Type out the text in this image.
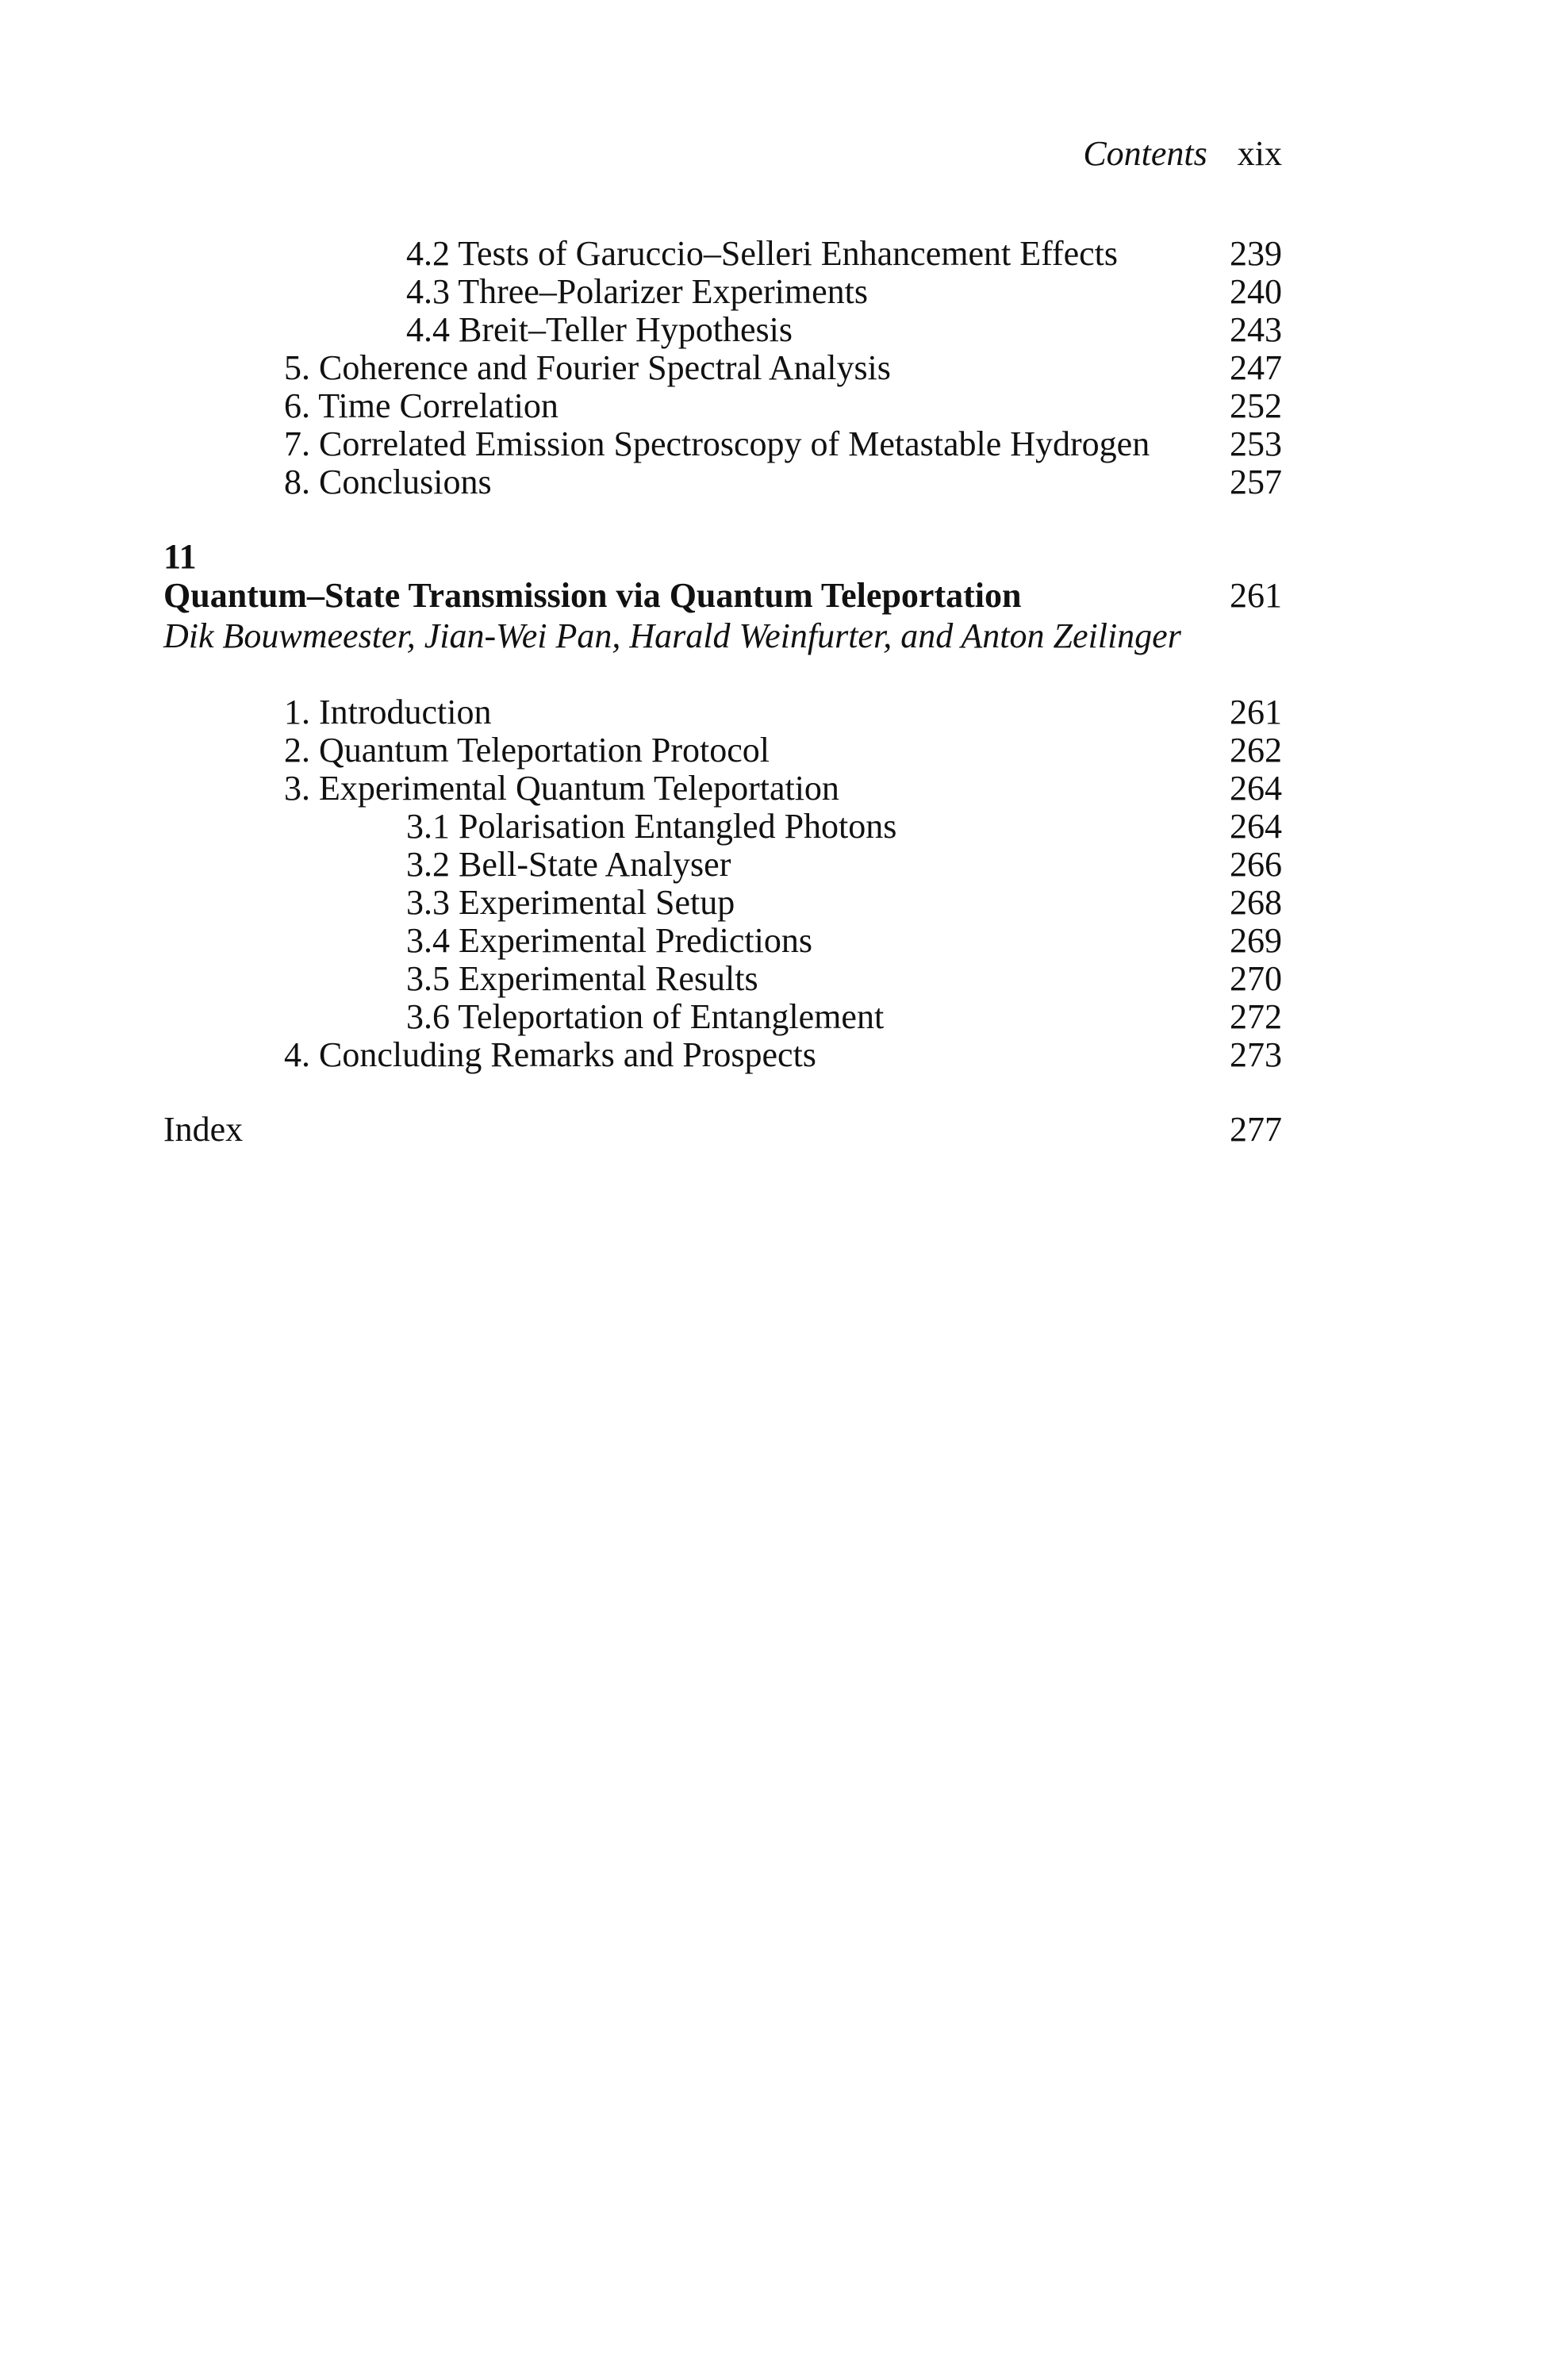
Contents xix
4.2 Tests of Garuccio–Selleri Enhancement Effects	239
4.3 Three–Polarizer Experiments	240
4.4 Breit–Teller Hypothesis	243
5. Coherence and Fourier Spectral Analysis	247
6. Time Correlation	252
7. Correlated Emission Spectroscopy of Metastable Hydrogen 253
8. Conclusions	257
11
Quantum–State Transmission via Quantum Teleportation	261
Dik Bouwmeester, Jian-Wei Pan, Harald Weinfurter, and Anton Zeilinger
1. Introduction	261
2. Quantum Teleportation Protocol	262
3. Experimental Quantum Teleportation	264
3.1 Polarisation Entangled Photons	264
3.2 Bell-State Analyser	266
3.3 Experimental Setup	268
3.4 Experimental Predictions	269
3.5 Experimental Results	270
3.6 Teleportation of Entanglement	272
4. Concluding Remarks and Prospects	273
Index	277
